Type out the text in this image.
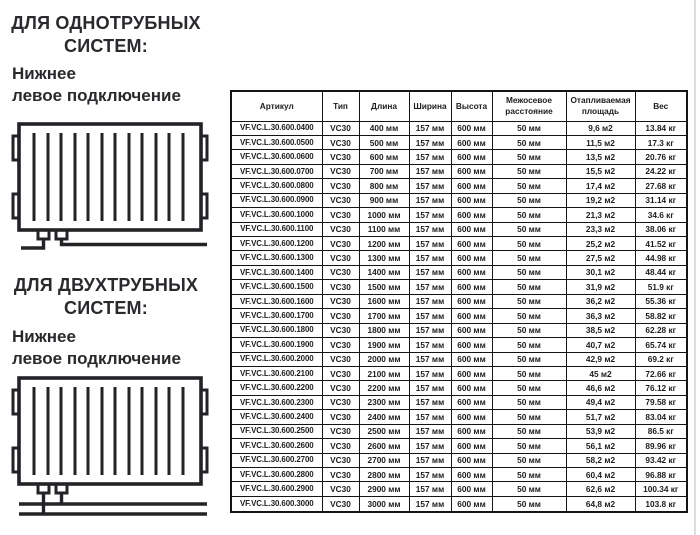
ДЛЯ ОДНОТРУБНЫХ
СИСТЕМ:
Нижнее
левое подключение
ДЛЯ ДВУХТРУБНЫХ
СИСТЕМ:
Нижнее
левое подключение
Артикул	Тип	Длина	Ширина	Высота	Межосевое расстояние	Отапливаемая площадь	Вес
VF.VC.L.30.600.0400	VC30	400 мм	157 мм	600 мм	50 мм	9,6 м2	13.84 кг
VF.VC.L.30.600.0500	VC30	500 мм	157 мм	600 мм	50 мм	11,5 м2	17.3 кг
VF.VC.L.30.600.0600	VC30	600 мм	157 мм	600 мм	50 мм	13,5 м2	20.76 кг
VF.VC.L.30.600.0700	VC30	700 мм	157 мм	600 мм	50 мм	15,5 м2	24.22 кг
VF.VC.L.30.600.0800	VC30	800 мм	157 мм	600 мм	50 мм	17,4 м2	27.68 кг
VF.VC.L.30.600.0900	VC30	900 мм	157 мм	600 мм	50 мм	19,2 м2	31.14 кг
VF.VC.L.30.600.1000	VC30	1000 мм	157 мм	600 мм	50 мм	21,3 м2	34.6 кг
VF.VC.L.30.600.1100	VC30	1100 мм	157 мм	600 мм	50 мм	23,3 м2	38.06 кг
VF.VC.L.30.600.1200	VC30	1200 мм	157 мм	600 мм	50 мм	25,2 м2	41.52 кг
VF.VC.L.30.600.1300	VC30	1300 мм	157 мм	600 мм	50 мм	27,5 м2	44.98 кг
VF.VC.L.30.600.1400	VC30	1400 мм	157 мм	600 мм	50 мм	30,1 м2	48.44 кг
VF.VC.L.30.600.1500	VC30	1500 мм	157 мм	600 мм	50 мм	31,9 м2	51.9 кг
VF.VC.L.30.600.1600	VC30	1600 мм	157 мм	600 мм	50 мм	36,2 м2	55.36 кг
VF.VC.L.30.600.1700	VC30	1700 мм	157 мм	600 мм	50 мм	36,3 м2	58.82 кг
VF.VC.L.30.600.1800	VC30	1800 мм	157 мм	600 мм	50 мм	38,5 м2	62.28 кг
VF.VC.L.30.600.1900	VC30	1900 мм	157 мм	600 мм	50 мм	40,7 м2	65.74 кг
VF.VC.L.30.600.2000	VC30	2000 мм	157 мм	600 мм	50 мм	42,9 м2	69.2 кг
VF.VC.L.30.600.2100	VC30	2100 мм	157 мм	600 мм	50 мм	45 м2	72.66 кг
VF.VC.L.30.600.2200	VC30	2200 мм	157 мм	600 мм	50 мм	46,6 м2	76.12 кг
VF.VC.L.30.600.2300	VC30	2300 мм	157 мм	600 мм	50 мм	49,4 м2	79.58 кг
VF.VC.L.30.600.2400	VC30	2400 мм	157 мм	600 мм	50 мм	51,7 м2	83.04 кг
VF.VC.L.30.600.2500	VC30	2500 мм	157 мм	600 мм	50 мм	53,9 м2	86.5 кг
VF.VC.L.30.600.2600	VC30	2600 мм	157 мм	600 мм	50 мм	56,1 м2	89.96 кг
VF.VC.L.30.600.2700	VC30	2700 мм	157 мм	600 мм	50 мм	58,2 м2	93.42 кг
VF.VC.L.30.600.2800	VC30	2800 мм	157 мм	600 мм	50 мм	60,4 м2	96.88 кг
VF.VC.L.30.600.2900	VC30	2900 мм	157 мм	600 мм	50 мм	62,6 м2	100.34 кг
VF.VC.L.30.600.3000	VC30	3000 мм	157 мм	600 мм	50 мм	64,8 м2	103.8 кг
